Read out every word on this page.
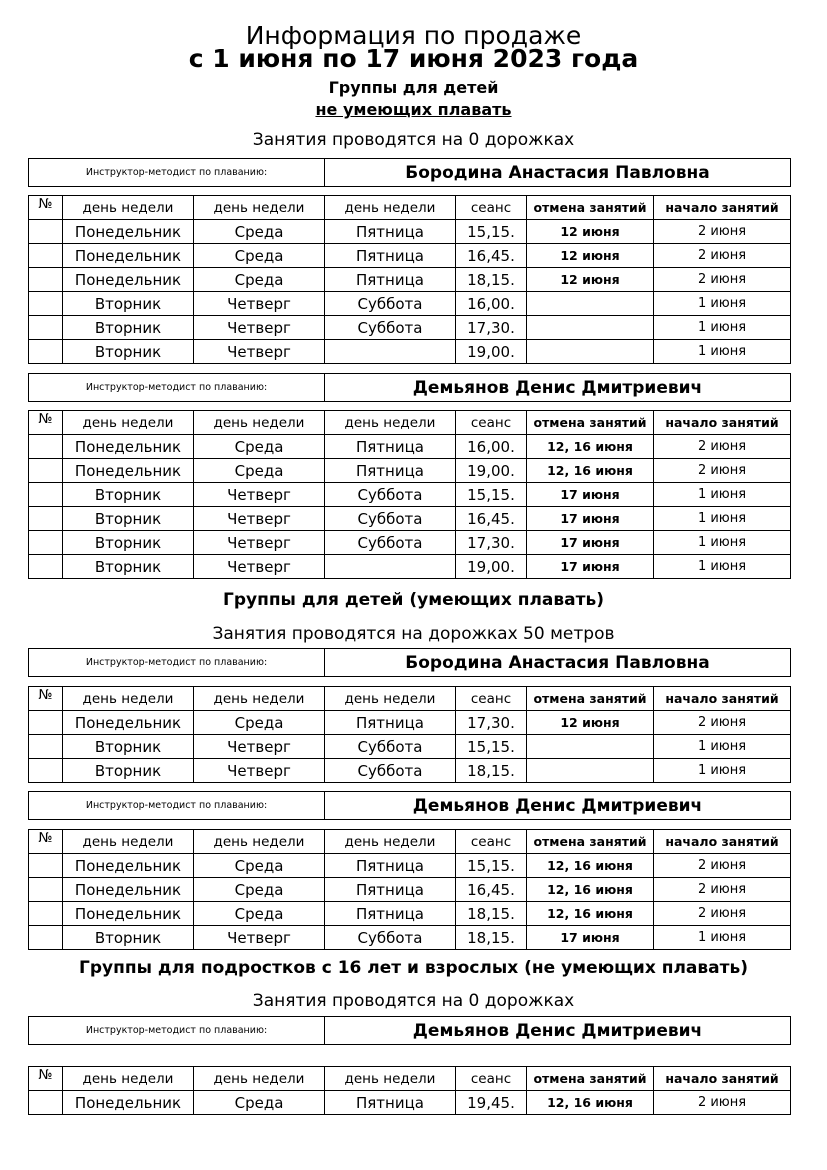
Информация по продаже
с 1 июня по 17 июня 2023 года
Группы для детей
не умеющих плавать
Занятия проводятся на 0 дорожках
Инструктор-методист по плаванию:	Бородина Анастасия Павловна
№	день недели	день недели	день недели	сеанс	отмена занятий	начало занятий
	Понедельник	Среда	Пятница	15,15.	12 июня	2 июня
	Понедельник	Среда	Пятница	16,45.	12 июня	2 июня
	Понедельник	Среда	Пятница	18,15.	12 июня	2 июня
	Вторник	Четверг	Суббота	16,00.		1 июня
	Вторник	Четверг	Суббота	17,30.		1 июня
	Вторник	Четверг		19,00.		1 июня
Инструктор-методист по плаванию:	Демьянов Денис Дмитриевич
№	день недели	день недели	день недели	сеанс	отмена занятий	начало занятий
	Понедельник	Среда	Пятница	16,00.	12, 16 июня	2 июня
	Понедельник	Среда	Пятница	19,00.	12, 16 июня	2 июня
	Вторник	Четверг	Суббота	15,15.	17 июня	1 июня
	Вторник	Четверг	Суббота	16,45.	17 июня	1 июня
	Вторник	Четверг	Суббота	17,30.	17 июня	1 июня
	Вторник	Четверг		19,00.	17 июня	1 июня
Группы для детей (умеющих плавать)
Занятия проводятся на дорожках 50 метров
Инструктор-методист по плаванию:	Бородина Анастасия Павловна
№	день недели	день недели	день недели	сеанс	отмена занятий	начало занятий
	Понедельник	Среда	Пятница	17,30.	12 июня	2 июня
	Вторник	Четверг	Суббота	15,15.		1 июня
	Вторник	Четверг	Суббота	18,15.		1 июня
Инструктор-методист по плаванию:	Демьянов Денис Дмитриевич
№	день недели	день недели	день недели	сеанс	отмена занятий	начало занятий
	Понедельник	Среда	Пятница	15,15.	12, 16 июня	2 июня
	Понедельник	Среда	Пятница	16,45.	12, 16 июня	2 июня
	Понедельник	Среда	Пятница	18,15.	12, 16 июня	2 июня
	Вторник	Четверг	Суббота	18,15.	17 июня	1 июня
Группы для подростков с 16 лет и взрослых (не умеющих плавать)
Занятия проводятся на 0 дорожках
Инструктор-методист по плаванию:	Демьянов Денис Дмитриевич
№	день недели	день недели	день недели	сеанс	отмена занятий	начало занятий
	Понедельник	Среда	Пятница	19,45.	12, 16 июня	2 июня
